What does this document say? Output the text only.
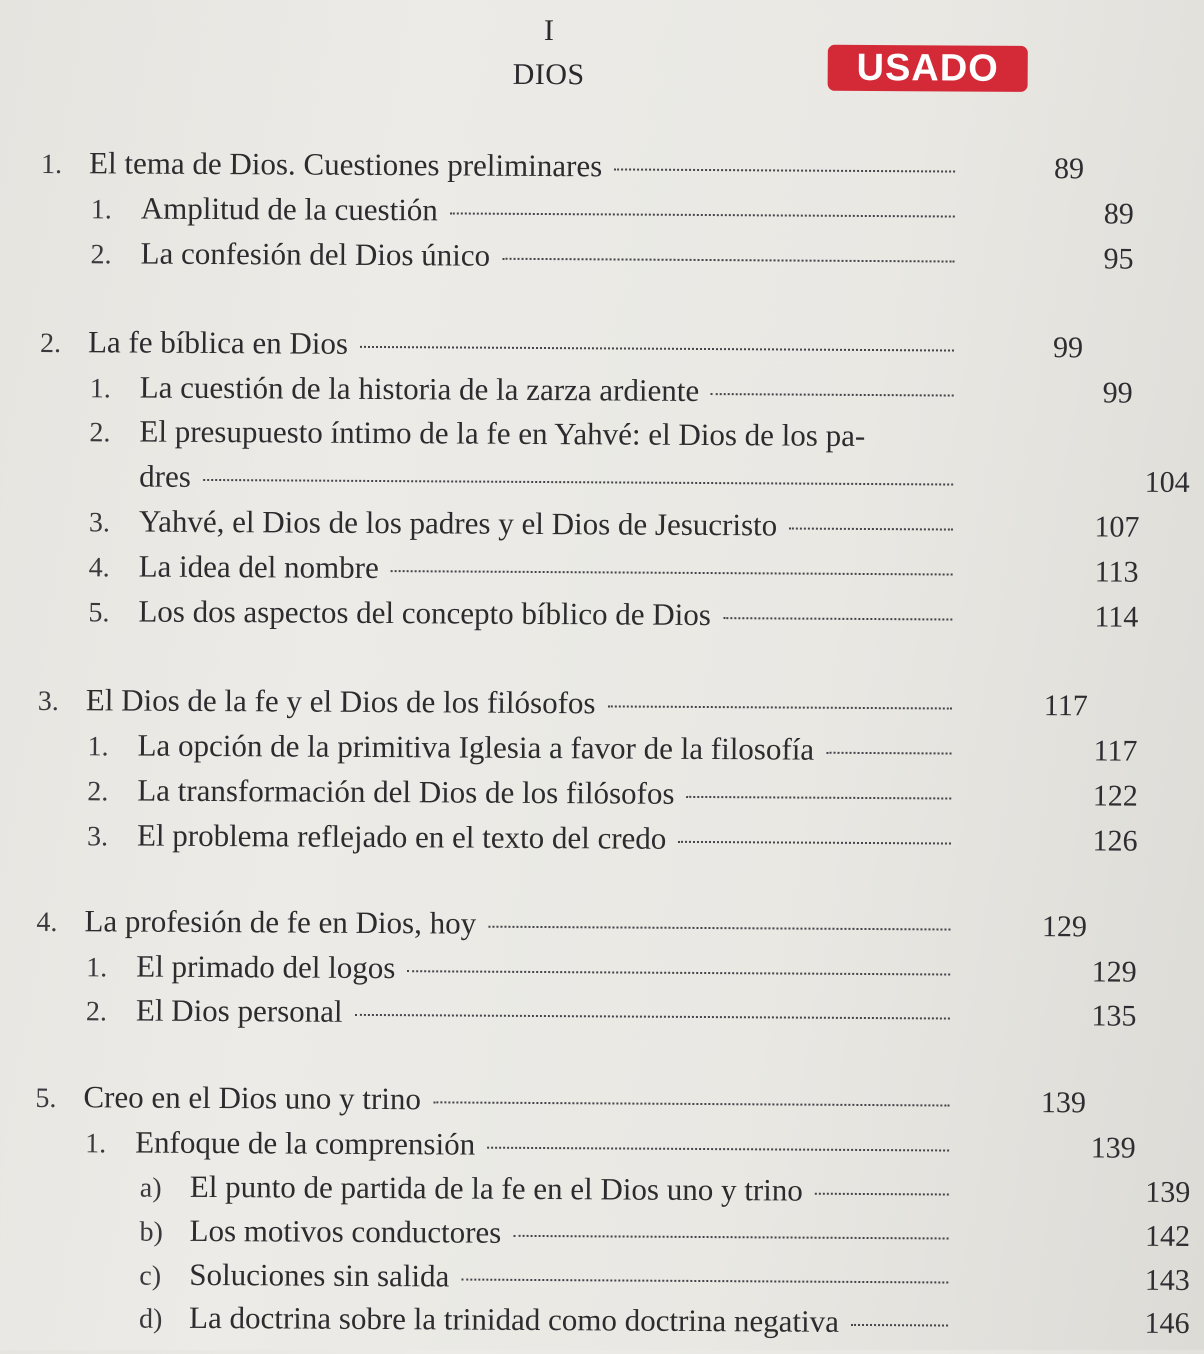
I
DIOS	USADO
1. El tema de Dios. Cuestiones preliminares	89
1. Amplitud de la cuestión	89
2. La confesión del Dios único	95
2. La fe bíblica en Dios	99
1. La cuestión de la historia de la zarza ardiente	99
2. El presupuesto íntimo de la fe en Yahvé: el Dios de los pa-
dres	104
3. Yahvé, el Dios de los padres y el Dios de Jesucristo	107
4. La idea del nombre	113
5. Los dos aspectos del concepto bíblico de Dios	114
3. El Dios de la fe y el Dios de los filósofos	117
1. La opción de la primitiva Iglesia a favor de la filosofía	117
2. La transformación del Dios de los filósofos	122
3. El problema reflejado en el texto del credo	126
4. La profesión de fe en Dios, hoy	129
1. El primado del logos	129
2. El Dios personal	135
5. Creo en el Dios uno y trino	139
1. Enfoque de la comprensión	139
a) El punto de partida de la fe en el Dios uno y trino	139
b) Los motivos conductores	142
c) Soluciones sin salida	143
d) La doctrina sobre la trinidad como doctrina negativa	146
